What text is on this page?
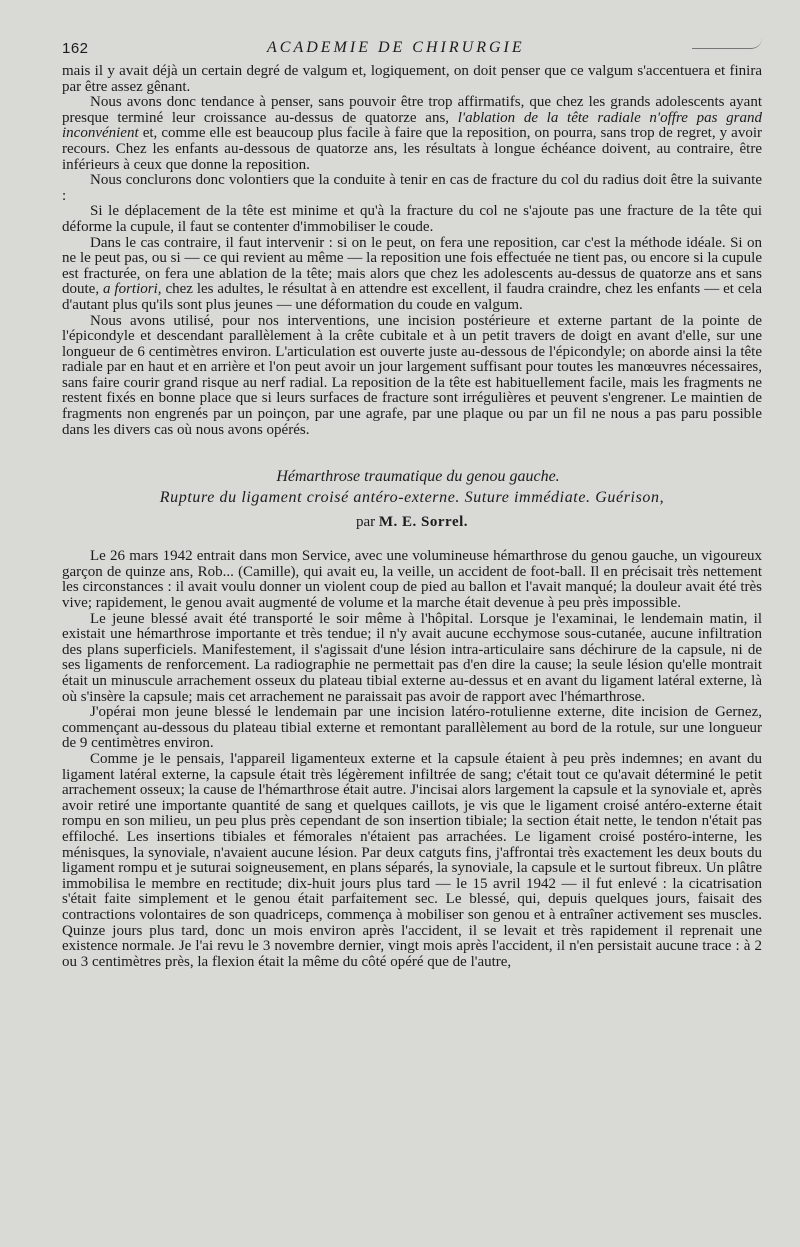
162	ACADEMIE DE CHIRURGIE

mais il y avait déjà un certain degré de valgum et, logiquement, on doit penser que ce valgum s'accentuera et finira par être assez gênant.

Nous avons donc tendance à penser, sans pouvoir être trop affirmatifs, que chez les grands adolescents ayant presque terminé leur croissance au-dessus de quatorze ans, l'ablation de la tête radiale n'offre pas grand inconvénient et, comme elle est beaucoup plus facile à faire que la reposition, on pourra, sans trop de regret, y avoir recours. Chez les enfants au-dessous de quatorze ans, les résultats à longue échéance doivent, au contraire, être inférieurs à ceux que donne la reposition.

Nous conclurons donc volontiers que la conduite à tenir en cas de fracture du col du radius doit être la suivante :

Si le déplacement de la tête est minime et qu'à la fracture du col ne s'ajoute pas une fracture de la tête qui déforme la cupule, il faut se contenter d'immobiliser le coude.

Dans le cas contraire, il faut intervenir : si on le peut, on fera une reposition, car c'est la méthode idéale. Si on ne le peut pas, ou si — ce qui revient au même — la reposition une fois effectuée ne tient pas, ou encore si la cupule est fracturée, on fera une ablation de la tête; mais alors que chez les adolescents au-dessus de quatorze ans et sans doute, a fortiori, chez les adultes, le résultat à en attendre est excellent, il faudra craindre, chez les enfants — et cela d'autant plus qu'ils sont plus jeunes — une déformation du coude en valgum.

Nous avons utilisé, pour nos interventions, une incision postérieure et externe partant de la pointe de l'épicondyle et descendant parallèlement à la crête cubitale et à un petit travers de doigt en avant d'elle, sur une longueur de 6 centimètres environ. L'articulation est ouverte juste au-dessous de l'épicondyle; on aborde ainsi la tête radiale par en haut et en arrière et l'on peut avoir un jour largement suffisant pour toutes les manœuvres nécessaires, sans faire courir grand risque au nerf radial. La reposition de la tête est habituellement facile, mais les fragments ne restent fixés en bonne place que si leurs surfaces de fracture sont irrégulières et peuvent s'engrener. Le maintien de fragments non engrenés par un poinçon, par une agrafe, par une plaque ou par un fil ne nous a pas paru possible dans les divers cas où nous avons opérés.

Hémarthrose traumatique du genou gauche.
Rupture du ligament croisé antéro-externe. Suture immédiate. Guérison,
par M. E. Sorrel.

Le 26 mars 1942 entrait dans mon Service, avec une volumineuse hémarthrose du genou gauche, un vigoureux garçon de quinze ans, Rob... (Camille), qui avait eu, la veille, un accident de foot-ball. Il en précisait très nettement les circonstances : il avait voulu donner un violent coup de pied au ballon et l'avait manqué; la douleur avait été très vive; rapidement, le genou avait augmenté de volume et la marche était devenue à peu près impossible.

Le jeune blessé avait été transporté le soir même à l'hôpital. Lorsque je l'examinai, le lendemain matin, il existait une hémarthrose importante et très tendue; il n'y avait aucune ecchymose sous-cutanée, aucune infiltration des plans superficiels. Manifestement, il s'agissait d'une lésion intra-articulaire sans déchirure de la capsule, ni de ses ligaments de renforcement. La radiographie ne permettait pas d'en dire la cause; la seule lésion qu'elle montrait était un minuscule arrachement osseux du plateau tibial externe au-dessus et en avant du ligament latéral externe, là où s'insère la capsule; mais cet arrachement ne paraissait pas avoir de rapport avec l'hémarthrose.

J'opérai mon jeune blessé le lendemain par une incision latéro-rotulienne externe, dite incision de Gernez, commençant au-dessous du plateau tibial externe et remontant parallèlement au bord de la rotule, sur une longueur de 9 centimètres environ.

Comme je le pensais, l'appareil ligamenteux externe et la capsule étaient à peu près indemnes; en avant du ligament latéral externe, la capsule était très légèrement infiltrée de sang; c'était tout ce qu'avait déterminé le petit arrachement osseux; la cause de l'hémarthrose était autre. J'incisai alors largement la capsule et la synoviale et, après avoir retiré une importante quantité de sang et quelques caillots, je vis que le ligament croisé antéro-externe était rompu en son milieu, un peu plus près cependant de son insertion tibiale; la section était nette, le tendon n'était pas effiloché. Les insertions tibiales et fémorales n'étaient pas arrachées. Le ligament croisé postéro-interne, les ménisques, la synoviale, n'avaient aucune lésion. Par deux catguts fins, j'affrontai très exactement les deux bouts du ligament rompu et je suturai soigneusement, en plans séparés, la synoviale, la capsule et le surtout fibreux. Un plâtre immobilisa le membre en rectitude; dix-huit jours plus tard — le 15 avril 1942 — il fut enlevé : la cicatrisation s'était faite simplement et le genou était parfaitement sec. Le blessé, qui, depuis quelques jours, faisait des contractions volontaires de son quadriceps, commença à mobiliser son genou et à entraîner activement ses muscles. Quinze jours plus tard, donc un mois environ après l'accident, il se levait et très rapidement il reprenait une existence normale. Je l'ai revu le 3 novembre dernier, vingt mois après l'accident, il n'en persistait aucune trace : à 2 ou 3 centimètres près, la flexion était la même du côté opéré que de l'autre,
